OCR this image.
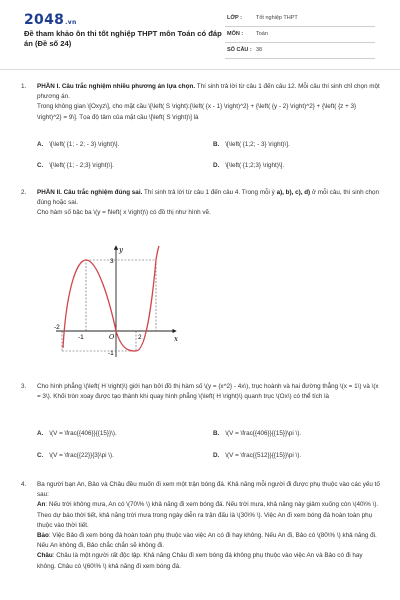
2048.vn
Đề tham khảo ôn thi tốt nghiệp THPT môn Toán có đáp án (Đề số 24)
LỚP :	Tốt nghiệp THPT
MÔN : Toán
SỐ CÂU : 38
1. PHẦN I. Câu trắc nghiệm nhiều phương án lựa chọn. Thí sinh trả lời từ câu 1 đến câu 12. Mỗi câu thí sinh chỉ chọn một phương án.

Trong không gian \[Oxyz\], cho mặt cầu \[\left( S \right):{\left( {x - 1} \right)^2} + {\left( {y - 2} \right)^2} + {\left( {z + 3} \right)^2} = 9\]. Tọa độ tâm của mặt cầu \[\left( S \right)\] là

A. \[\left( {1; - 2; - 3} \right)\].	B. \[\left( {1;2; - 3} \right)\].
C. \[\left( {1; - 2;3} \right)\].	D. \[\left( {1;2;3} \right)\].
2. PHẦN II. Câu trắc nghiệm đúng sai. Thí sinh trả lời từ câu 1 đến câu 4. Trong mỗi ý a), b), c), d) ở mỗi câu, thí sinh chọn đúng hoặc sai.

Cho hàm số bậc ba \(y = f\left( x \right)\) có đồ thị như hình vẽ.

y
x
3
O
-1
2
-1
-2
3. Cho hình phẳng \(\left( H \right)\) giới hạn bởi đồ thị hàm số \(y = {x^2} - 4x\), trục hoành và hai đường thẳng \(x = 1\) và \(x = 3\). Khối tròn xoay được tạo thành khi quay hình phẳng \(\left( H \right)\) quanh trục \(Ox\) có thể tích là

A. \(V = \frac{{406}}{{15}}\).	B. \(V = \frac{{406}}{{15}}\pi \).
C. \(V = \frac{{22}}{3}\pi \).	D. \(V = \frac{{512}}{{15}}\pi \).
4. Ba người bạn An, Bảo và Châu đều muốn đi xem một trận bóng đá. Khả năng mỗi người đi được phụ thuộc vào các yếu tố sau:

An: Nếu trời không mưa, An có \(70\% \) khả năng đi xem bóng đá. Nếu trời mưa, khả năng này giảm xuống còn \(40\% \). Theo dự báo thời tiết, khả năng trời mưa trong ngày diễn ra trận đấu là \(30\% \). Việc An đi xem bóng đá hoàn toàn phụ thuộc vào thời tiết.

Bảo: Việc Bảo đi xem bóng đá hoàn toàn phụ thuộc vào việc An có đi hay không. Nếu An đi, Bảo có \(80\% \) khả năng đi. Nếu An không đi, Bảo chắc chắn sẽ không đi.

Châu: Châu là một người rất độc lập. Khả năng Châu đi xem bóng đá không phụ thuộc vào việc An và Bảo có đi hay không. Châu có \(60\% \) khả năng đi xem bóng đá.
